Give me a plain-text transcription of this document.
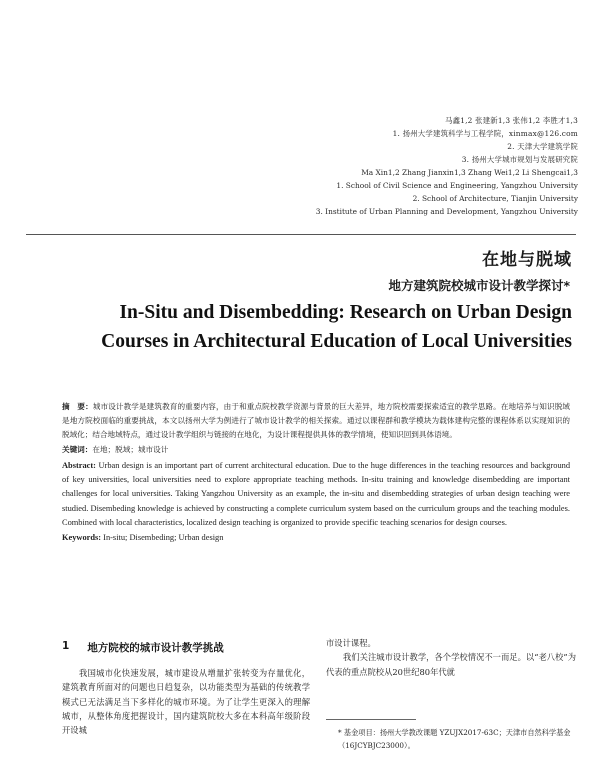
马鑫1,2 张建新1,3 张伟1,2 李胜才1,3
1. 扬州大学建筑科学与工程学院，xinmax@126.com
2. 天津大学建筑学院
3. 扬州大学城市规划与发展研究院
Ma Xin1,2 Zhang Jianxin1,3 Zhang Wei1,2 Li Shengcai1,3
1. School of Civil Science and Engineering, Yangzhou University
2. School of Architecture, Tianjin University
3. Institute of Urban Planning and Development, Yangzhou University
在地与脱域
地方建筑院校城市设计教学探讨*
In-Situ and Disembedding: Research on Urban Design
Courses in Architectural Education of Local Universities
摘　要：城市设计教学是建筑教育的重要内容，由于和重点院校教学资源与背景的巨大差异，地方院校需要探索适宜的教学思路。在地培养与知识脱域是地方院校面临的重要挑战，本文以扬州大学为例进行了城市设计教学的相关探索。通过以课程群和教学模块为载体建构完整的课程体系以实现知识的脱域化；结合地域特点，通过设计教学组织与链接的在地化，为设计课程提供具体的教学情境，使知识回到具体语境。
关键词：在地；脱域；城市设计
Abstract: Urban design is an important part of current architectural education. Due to the huge differences in the teaching resources and background of key universities, local universities need to explore appropriate teaching methods. In-situ training and knowledge disembedding are important challenges for local universities. Taking Yangzhou University as an example, the in-situ and disembedding strategies of urban design teaching were studied. Disembeding knowledge is achieved by constructing a complete curriculum system based on the curriculum groups and the teaching modules. Combined with local characteristics, localized design teaching is organized to provide specific teaching scenarios for design courses.
Keywords: In-situ; Disembeding; Urban design
1 地方院校的城市设计教学挑战
我国城市化快速发展，城市建设从增量扩张转变为存量优化，建筑教育所面对的问题也日趋复杂，以功能类型为基础的传统教学模式已无法满足当下多样化的城市环境。为了让学生更深入的理解城市，从整体角度把握设计，国内建筑院校大多在本科高年级阶段开设城
市设计课程。
我们关注城市设计教学，各个学校情况不一而足。以“老八校”为代表的重点院校从20世纪80年代就
* 基金项目：扬州大学教改课题 YZUJX2017-63C；天津市自然科学基金（16JCYBJC23000）。
